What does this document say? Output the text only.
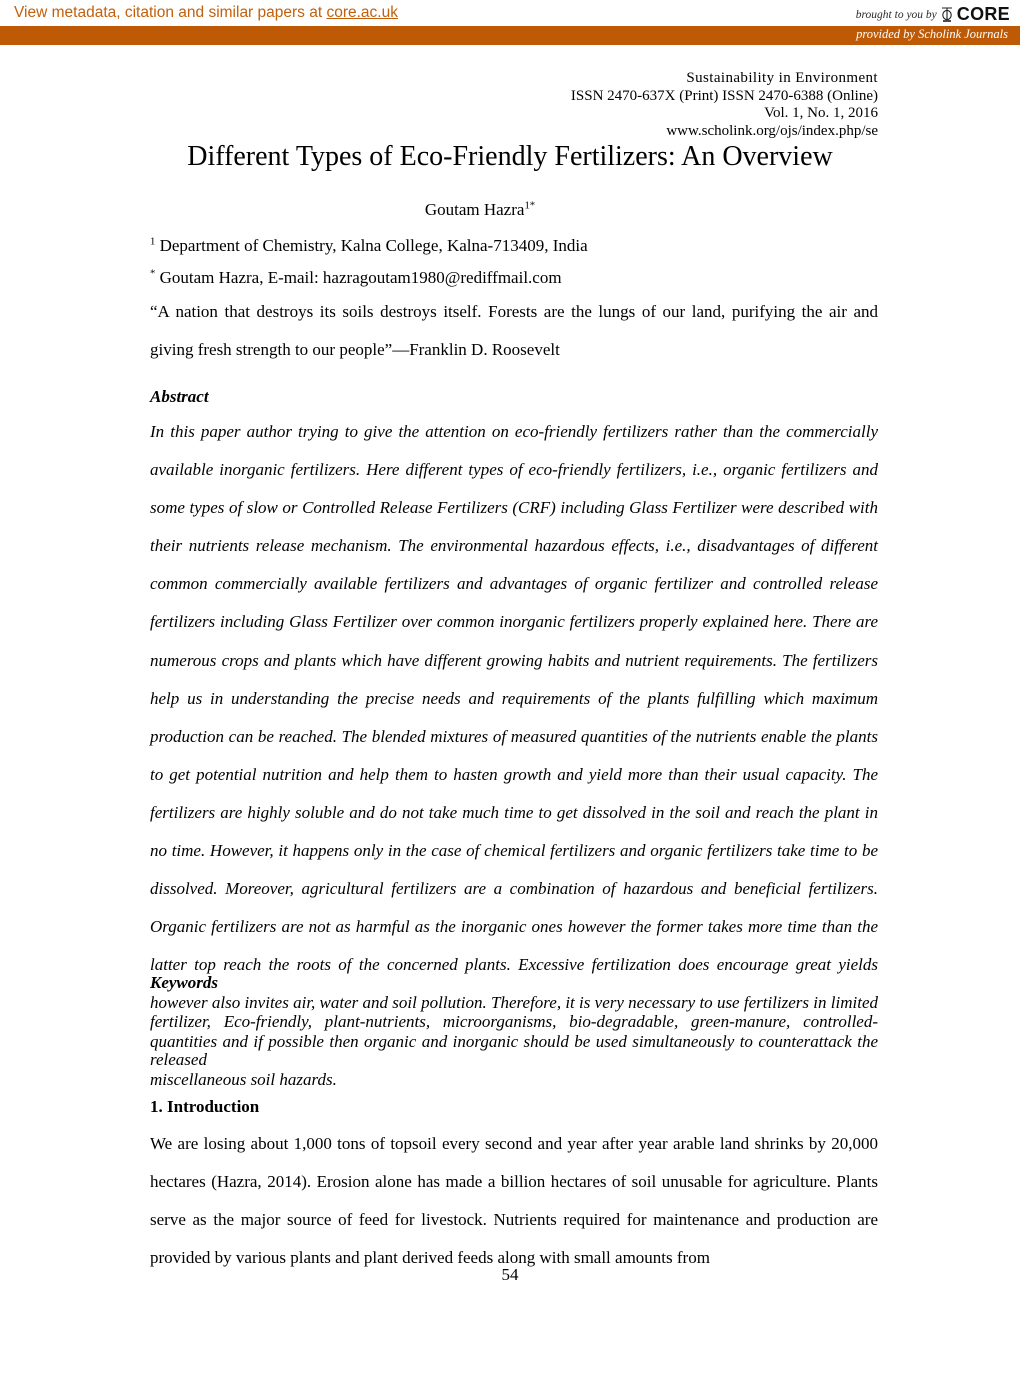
View metadata, citation and similar papers at core.ac.uk	brought to you by CORE
provided by Scholink Journals
Sustainability in Environment
ISSN 2470-637X (Print) ISSN 2470-6388 (Online)
Vol. 1, No. 1, 2016
www.scholink.org/ojs/index.php/se
Different Types of Eco-Friendly Fertilizers: An Overview
Goutam Hazra$^{1*}$
$^1$ Department of Chemistry, Kalna College, Kalna-713409, India
* Goutam Hazra, E-mail: hazragoutam1980@rediffmail.com
“A nation that destroys its soils destroys itself. Forests are the lungs of our land, purifying the air and giving fresh strength to our people”—Franklin D. Roosevelt
Abstract
In this paper author trying to give the attention on eco-friendly fertilizers rather than the commercially available inorganic fertilizers. Here different types of eco-friendly fertilizers, i.e., organic fertilizers and some types of slow or Controlled Release Fertilizers (CRF) including Glass Fertilizer were described with their nutrients release mechanism. The environmental hazardous effects, i.e., disadvantages of different common commercially available fertilizers and advantages of organic fertilizer and controlled release fertilizers including Glass Fertilizer over common inorganic fertilizers properly explained here. There are numerous crops and plants which have different growing habits and nutrient requirements. The fertilizers help us in understanding the precise needs and requirements of the plants fulfilling which maximum production can be reached. The blended mixtures of measured quantities of the nutrients enable the plants to get potential nutrition and help them to hasten growth and yield more than their usual capacity. The fertilizers are highly soluble and do not take much time to get dissolved in the soil and reach the plant in no time. However, it happens only in the case of chemical fertilizers and organic fertilizers take time to be dissolved. Moreover, agricultural fertilizers are a combination of hazardous and beneficial fertilizers. Organic fertilizers are not as harmful as the inorganic ones however the former takes more time than the latter top reach the roots of the concerned plants. Excessive fertilization does encourage great yields however also invites air, water and soil pollution. Therefore, it is very necessary to use fertilizers in limited quantities and if possible then organic and inorganic should be used simultaneously to counterattack the miscellaneous soil hazards.
Keywords
fertilizer, Eco-friendly, plant-nutrients, microorganisms, bio-degradable, green-manure, controlled-released
1. Introduction
We are losing about 1,000 tons of topsoil every second and year after year arable land shrinks by 20,000 hectares (Hazra, 2014). Erosion alone has made a billion hectares of soil unusable for agriculture. Plants serve as the major source of feed for livestock. Nutrients required for maintenance and production are provided by various plants and plant derived feeds along with small amounts from
54
